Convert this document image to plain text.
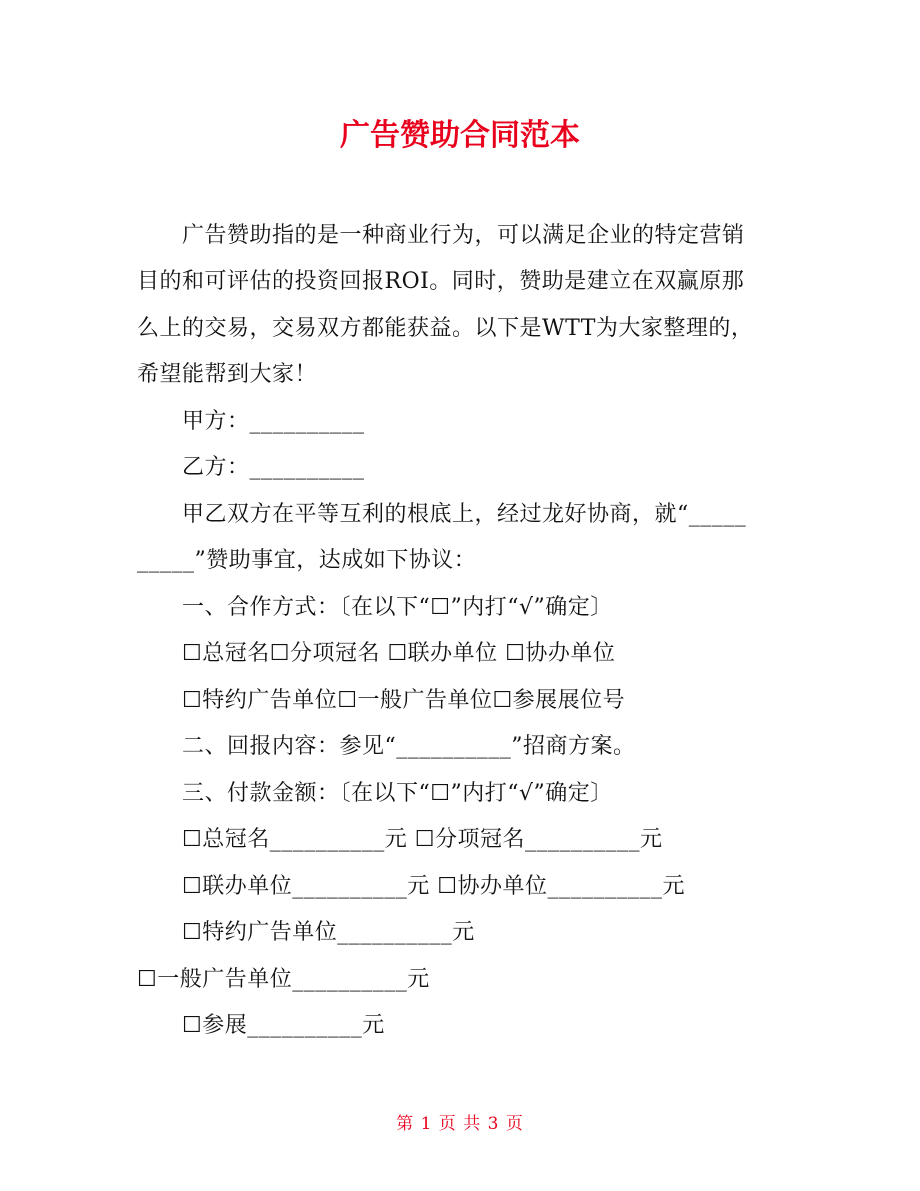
广告赞助合同范本
广告赞助指的是一种商业行为，可以满足企业的特定营销
目的和可评估的投资回报ROI。同时，赞助是建立在双赢原那
么上的交易，交易双方都能获益。以下是WTT为大家整理的，
希望能帮到大家！
甲方：__________
乙方：__________
甲乙双方在平等互利的根底上，经过龙好协商，就“_____
_____”赞助事宜，达成如下协议：
一、合作方式：〔在以下“☐”内打“√”确定〕
☐总冠名☐分项冠名 ☐联办单位 ☐协办单位
☐特约广告单位☐一般广告单位☐参展展位号
二、回报内容：参见“__________”招商方案。
三、付款金额：〔在以下“☐”内打“√”确定〕
☐总冠名__________元 ☐分项冠名__________元
☐联办单位__________元 ☐协办单位__________元
☐特约广告单位__________元
☐一般广告单位__________元
☐参展__________元
第 1 页 共 3 页
